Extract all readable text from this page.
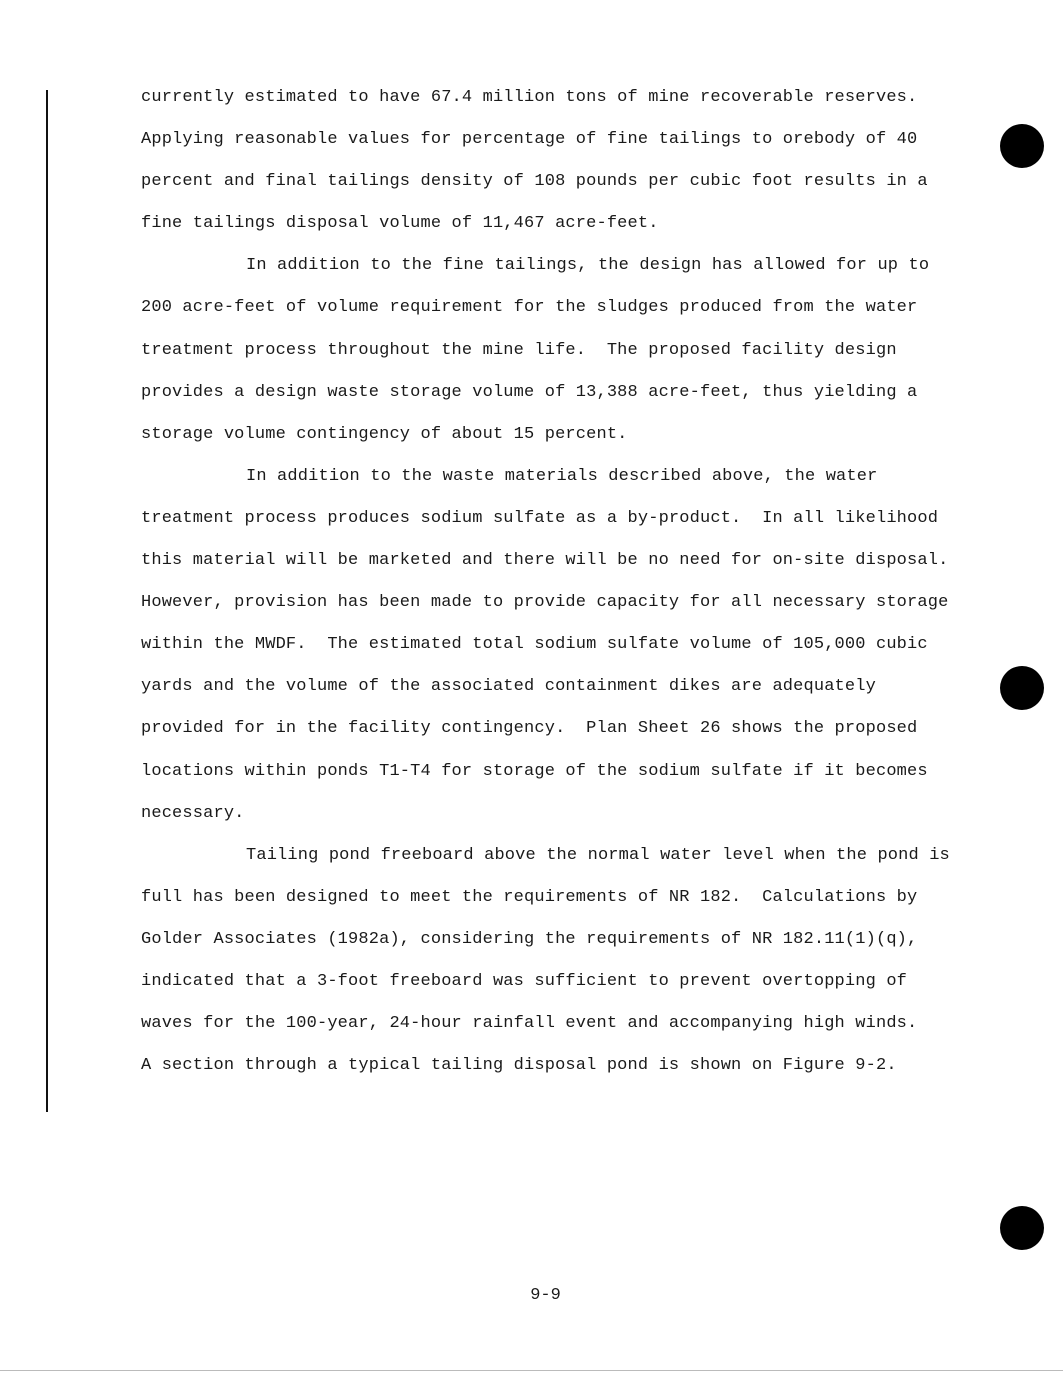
currently estimated to have 67.4 million tons of mine recoverable reserves.
Applying reasonable values for percentage of fine tailings to orebody of 40
percent and final tailings density of 108 pounds per cubic foot results in a
fine tailings disposal volume of 11,467 acre-feet.
In addition to the fine tailings, the design has allowed for up to
200 acre-feet of volume requirement for the sludges produced from the water
treatment process throughout the mine life.  The proposed facility design
provides a design waste storage volume of 13,388 acre-feet, thus yielding a
storage volume contingency of about 15 percent.
In addition to the waste materials described above, the water
treatment process produces sodium sulfate as a by-product.  In all likelihood
this material will be marketed and there will be no need for on-site disposal.
However, provision has been made to provide capacity for all necessary storage
within the MWDF.  The estimated total sodium sulfate volume of 105,000 cubic
yards and the volume of the associated containment dikes are adequately
provided for in the facility contingency.  Plan Sheet 26 shows the proposed
locations within ponds T1-T4 for storage of the sodium sulfate if it becomes
necessary.
Tailing pond freeboard above the normal water level when the pond is
full has been designed to meet the requirements of NR 182.  Calculations by
Golder Associates (1982a), considering the requirements of NR 182.11(1)(q),
indicated that a 3-foot freeboard was sufficient to prevent overtopping of
waves for the 100-year, 24-hour rainfall event and accompanying high winds.
A section through a typical tailing disposal pond is shown on Figure 9-2.
9-9
